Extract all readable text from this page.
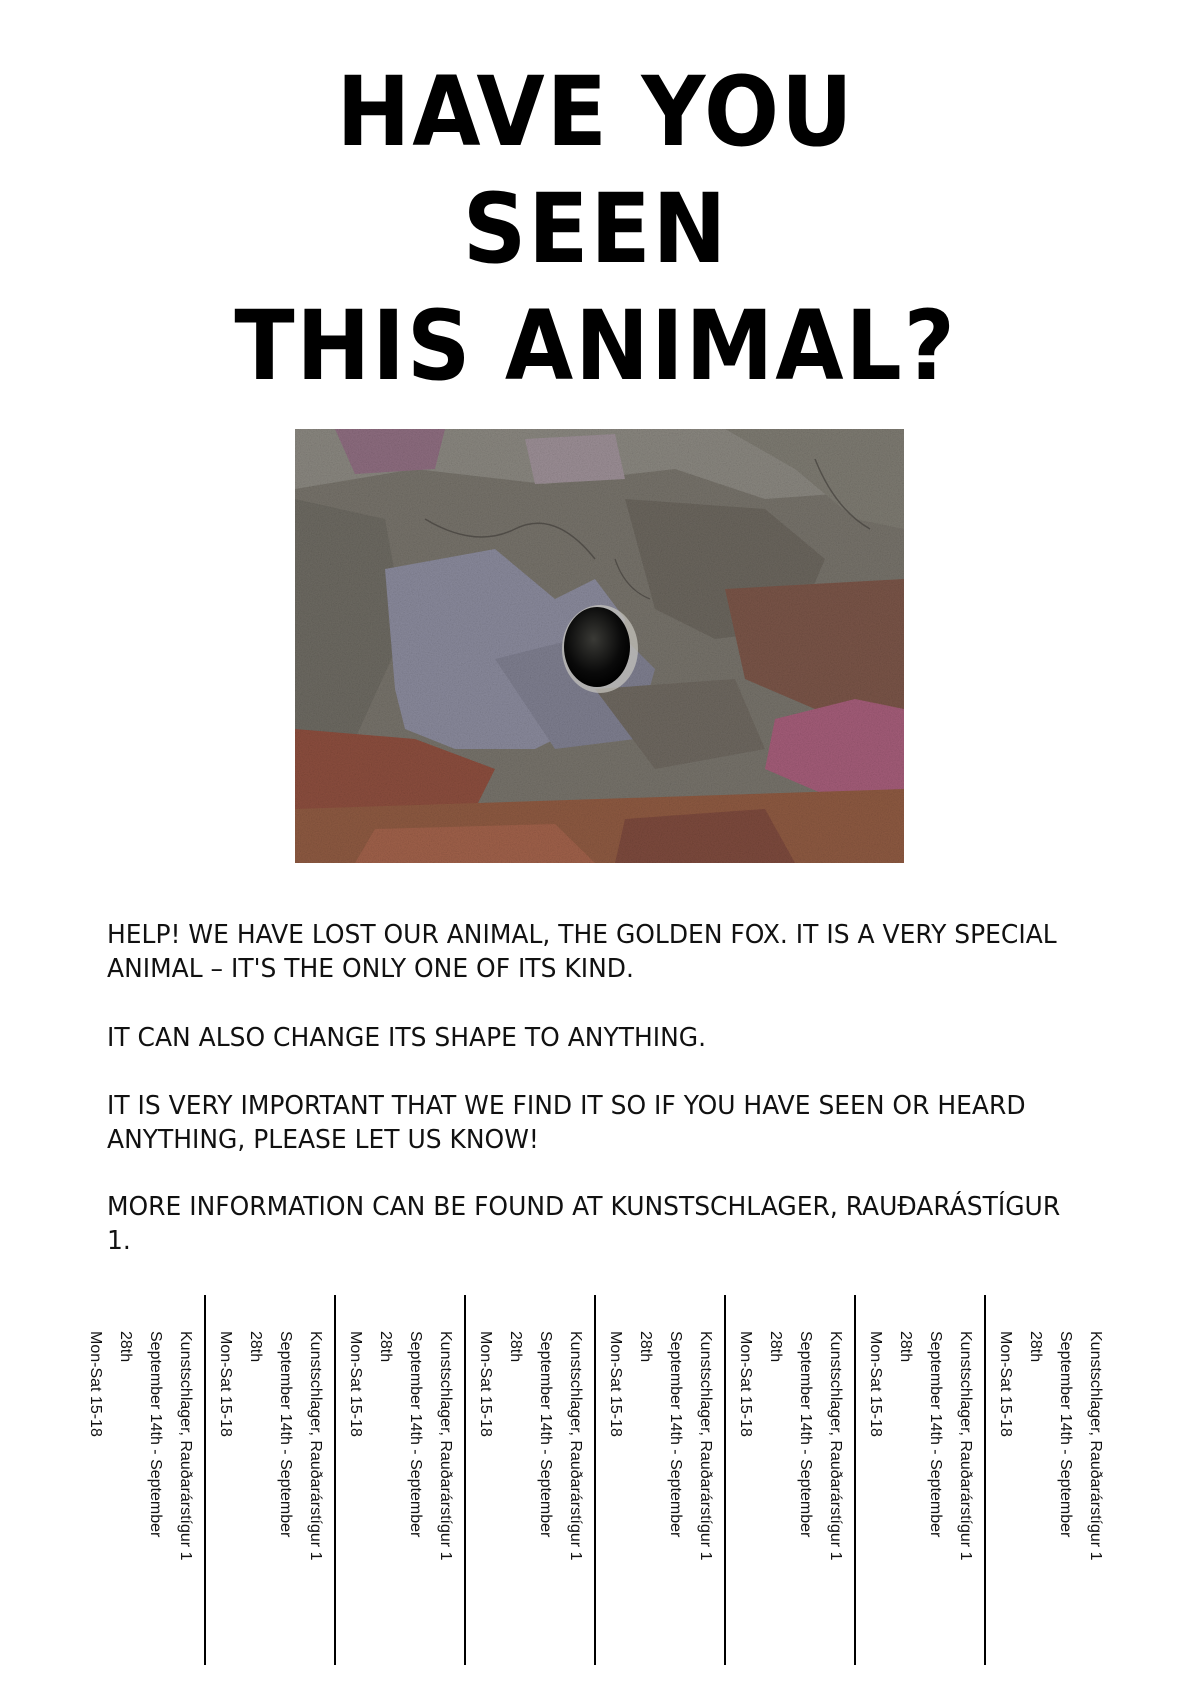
HAVE YOU
SEEN
THIS ANIMAL?

HELP! WE HAVE LOST OUR ANIMAL, THE GOLDEN FOX. IT IS A VERY SPECIAL ANIMAL – IT'S THE ONLY ONE OF ITS KIND.

IT CAN ALSO CHANGE ITS SHAPE TO ANYTHING.

IT IS VERY IMPORTANT THAT WE FIND IT SO IF YOU HAVE SEEN OR HEARD ANYTHING, PLEASE LET US KNOW!

MORE INFORMATION CAN BE FOUND AT KUNSTSCHLAGER, RAUÐARÁSTÍGUR 1.

Kunstschlager, Rauðarárstígur 1
September 14th - September
28th
Mon-Sat 15-18	Kunstschlager, Rauðarárstígur 1
September 14th - September
28th
Mon-Sat 15-18	Kunstschlager, Rauðarárstígur 1
September 14th - September
28th
Mon-Sat 15-18	Kunstschlager, Rauðarárstígur 1
September 14th - September
28th
Mon-Sat 15-18	Kunstschlager, Rauðarárstígur 1
September 14th - September
28th
Mon-Sat 15-18	Kunstschlager, Rauðarárstígur 1
September 14th - September
28th
Mon-Sat 15-18	Kunstschlager, Rauðarárstígur 1
September 14th - September
28th
Mon-Sat 15-18	Kunstschlager, Rauðarárstígur 1
September 14th - September
28th
Mon-Sat 15-18
